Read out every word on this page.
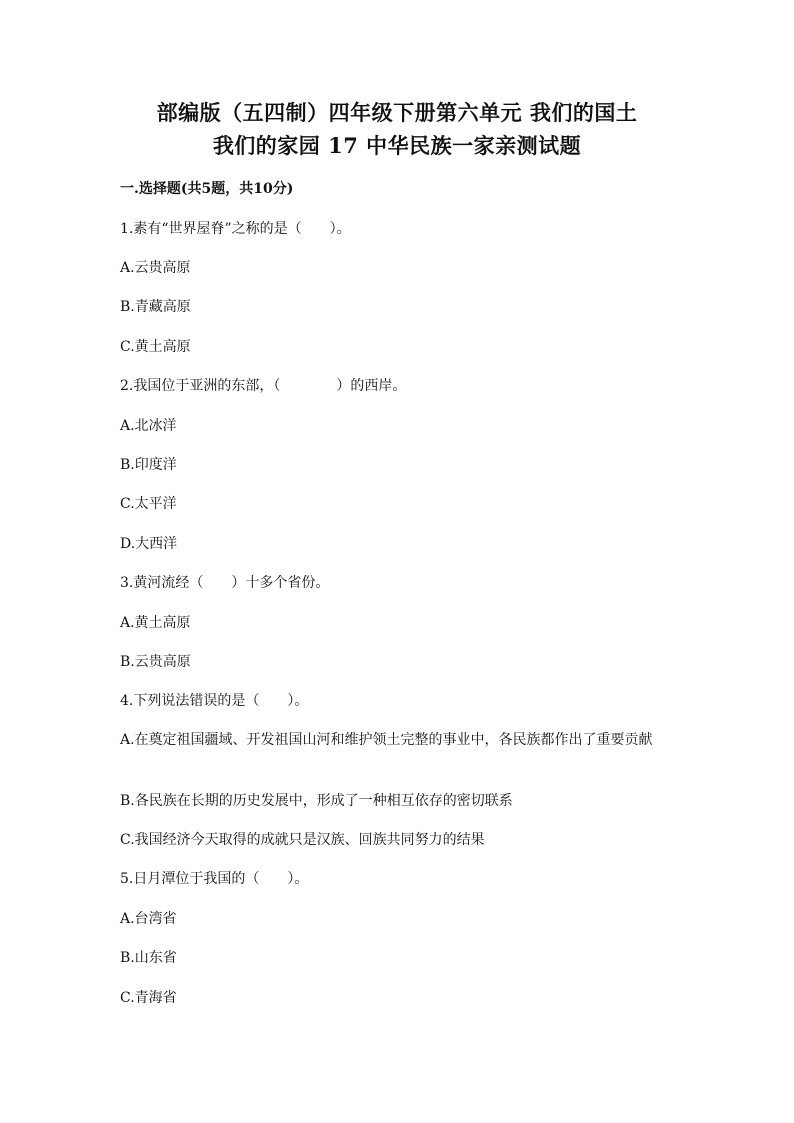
部编版（五四制）四年级下册第六单元 我们的国土
我们的家园 17 中华民族一家亲测试题
一.选择题(共5题，共10分)
1.素有“世界屋脊”之称的是（　　）。
A.云贵高原
B.青藏高原
C.黄土高原
2.我国位于亚洲的东部，（　　　　）的西岸。
A.北冰洋
B.印度洋
C.太平洋
D.大西洋
3.黄河流经（　　）十多个省份。
A.黄土高原
B.云贵高原
4.下列说法错误的是（　　）。
A.在奠定祖国疆域、开发祖国山河和维护领土完整的事业中，各民族都作出了重要贡献
B.各民族在长期的历史发展中，形成了一种相互依存的密切联系
C.我国经济今天取得的成就只是汉族、回族共同努力的结果
5.日月潭位于我国的（　　）。
A.台湾省
B.山东省
C.青海省
